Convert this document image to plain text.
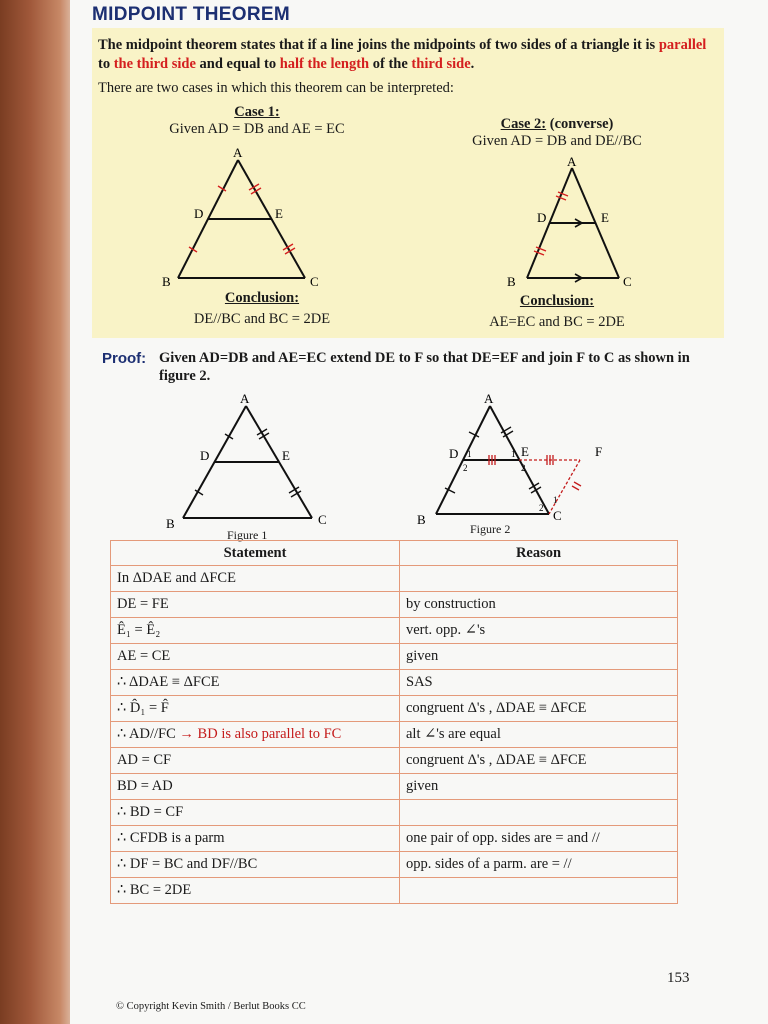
MIDPOINT THEOREM

The midpoint theorem states that if a line joins the midpoints of two sides of a triangle it is parallel to the third side and equal to half the length of the third side.

There are two cases in which this theorem can be interpreted:

Case 1:
Given AD = DB and AE = EC
A
D	E
B	C
Conclusion:
DE//BC and BC = 2DE
Case 2: (converse)
Given AD = DB and DE//BC
A
D	E
B	C
Conclusion:
AE=EC and BC = 2DE
Proof: Given AD=DB and AE=EC extend DE to F so that DE=EF and join F to C as shown in figure 2.
A
D	E
B	C
Figure 1
A
D	E	F
B	C
1
2
1
2
1
2
Figure 2
Statement	Reason
In ΔDAE and ΔFCE	
DE = FE	by construction
Ê₁ = Ê₂	vert. opp. ∠'s
AE = CE	given
∴ ΔDAE ≡ ΔFCE	SAS
∴ D̂₁ = F̂	congruent Δ's , ΔDAE ≡ ΔFCE
∴ AD//FC → BD is also parallel to FC	alt ∠'s are equal
AD = CF	congruent Δ's , ΔDAE ≡ ΔFCE
BD = AD	given
∴ BD = CF	
∴ CFDB is a parm	one pair of opp. sides are = and //
∴ DF = BC and DF//BC	opp. sides of a parm. are = //
∴ BC = 2DE	
153
© Copyright Kevin Smith / Berlut Books CC
